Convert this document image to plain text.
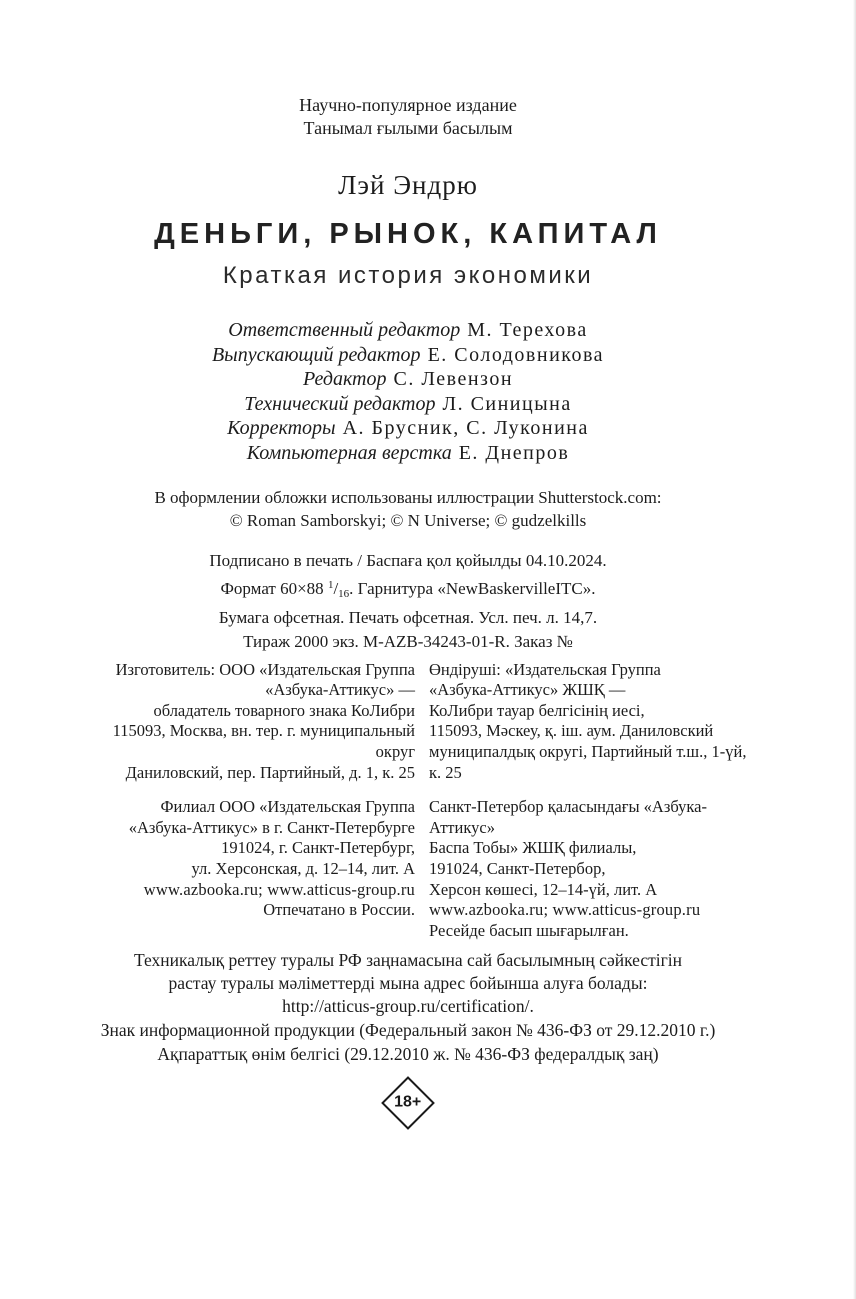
Научно-популярное издание
Танымал ғылыми басылым
Лэй Эндрю
ДЕНЬГИ, РЫНОК, КАПИТАЛ
Краткая история экономики
Ответственный редактор М. Терехова
Выпускающий редактор Е. Солодовникова
Редактор С. Левензон
Технический редактор Л. Синицына
Корректоры А. Брусник, С. Луконина
Компьютерная верстка Е. Днепров
В оформлении обложки использованы иллюстрации Shutterstock.com:
© Roman Samborskyi; © N Universe; © gudzelkills
Подписано в печать / Баспаға қол қойылды 04.10.2024.
Формат 60×88 $^1/_{16}$. Гарнитура «NewBaskervilleITC».
Бумага офсетная. Печать офсетная. Усл. печ. л. 14,7.
Тираж 2000 экз. M-AZB-34243-01-R. Заказ №
Изготовитель: ООО «Издательская Группа
«Азбука-Аттикус» —
обладатель товарного знака КоЛибри
115093, Москва, вн. тер. г. муниципальный округ
Даниловский, пер. Партийный, д. 1, к. 25
Филиал ООО «Издательская Группа
«Азбука-Аттикус» в г. Санкт-Петербурге
191024, г. Санкт-Петербург,
ул. Херсонская, д. 12–14, лит. А
www.azbooka.ru; www.atticus-group.ru
Отпечатано в России.
Өндіруші: «Издательская Группа
«Азбука-Аттикус» ЖШҚ —
КоЛибри тауар белгісінің иесі,
115093, Мәскеу, қ. іш. аум. Даниловский
муниципалдық округі, Партийный т.ш., 1-үй, к. 25
Санкт-Петербор қаласындағы «Азбука-Аттикус»
Баспа Тобы» ЖШҚ филиалы,
191024, Санкт-Петербор,
Херсон көшесі, 12–14-үй, лит. А
www.azbooka.ru; www.atticus-group.ru
Ресейде басып шығарылған.
Техникалық реттеу туралы РФ заңнамасына сай басылымның сәйкестігін
растау туралы мәліметтерді мына адрес бойынша алуға болады:
http://atticus-group.ru/certification/.
Знак информационной продукции (Федеральный закон № 436-ФЗ от 29.12.2010 г.)
Ақпараттық өнім белгісі (29.12.2010 ж. № 436-ФЗ федералдық заң)
18+
